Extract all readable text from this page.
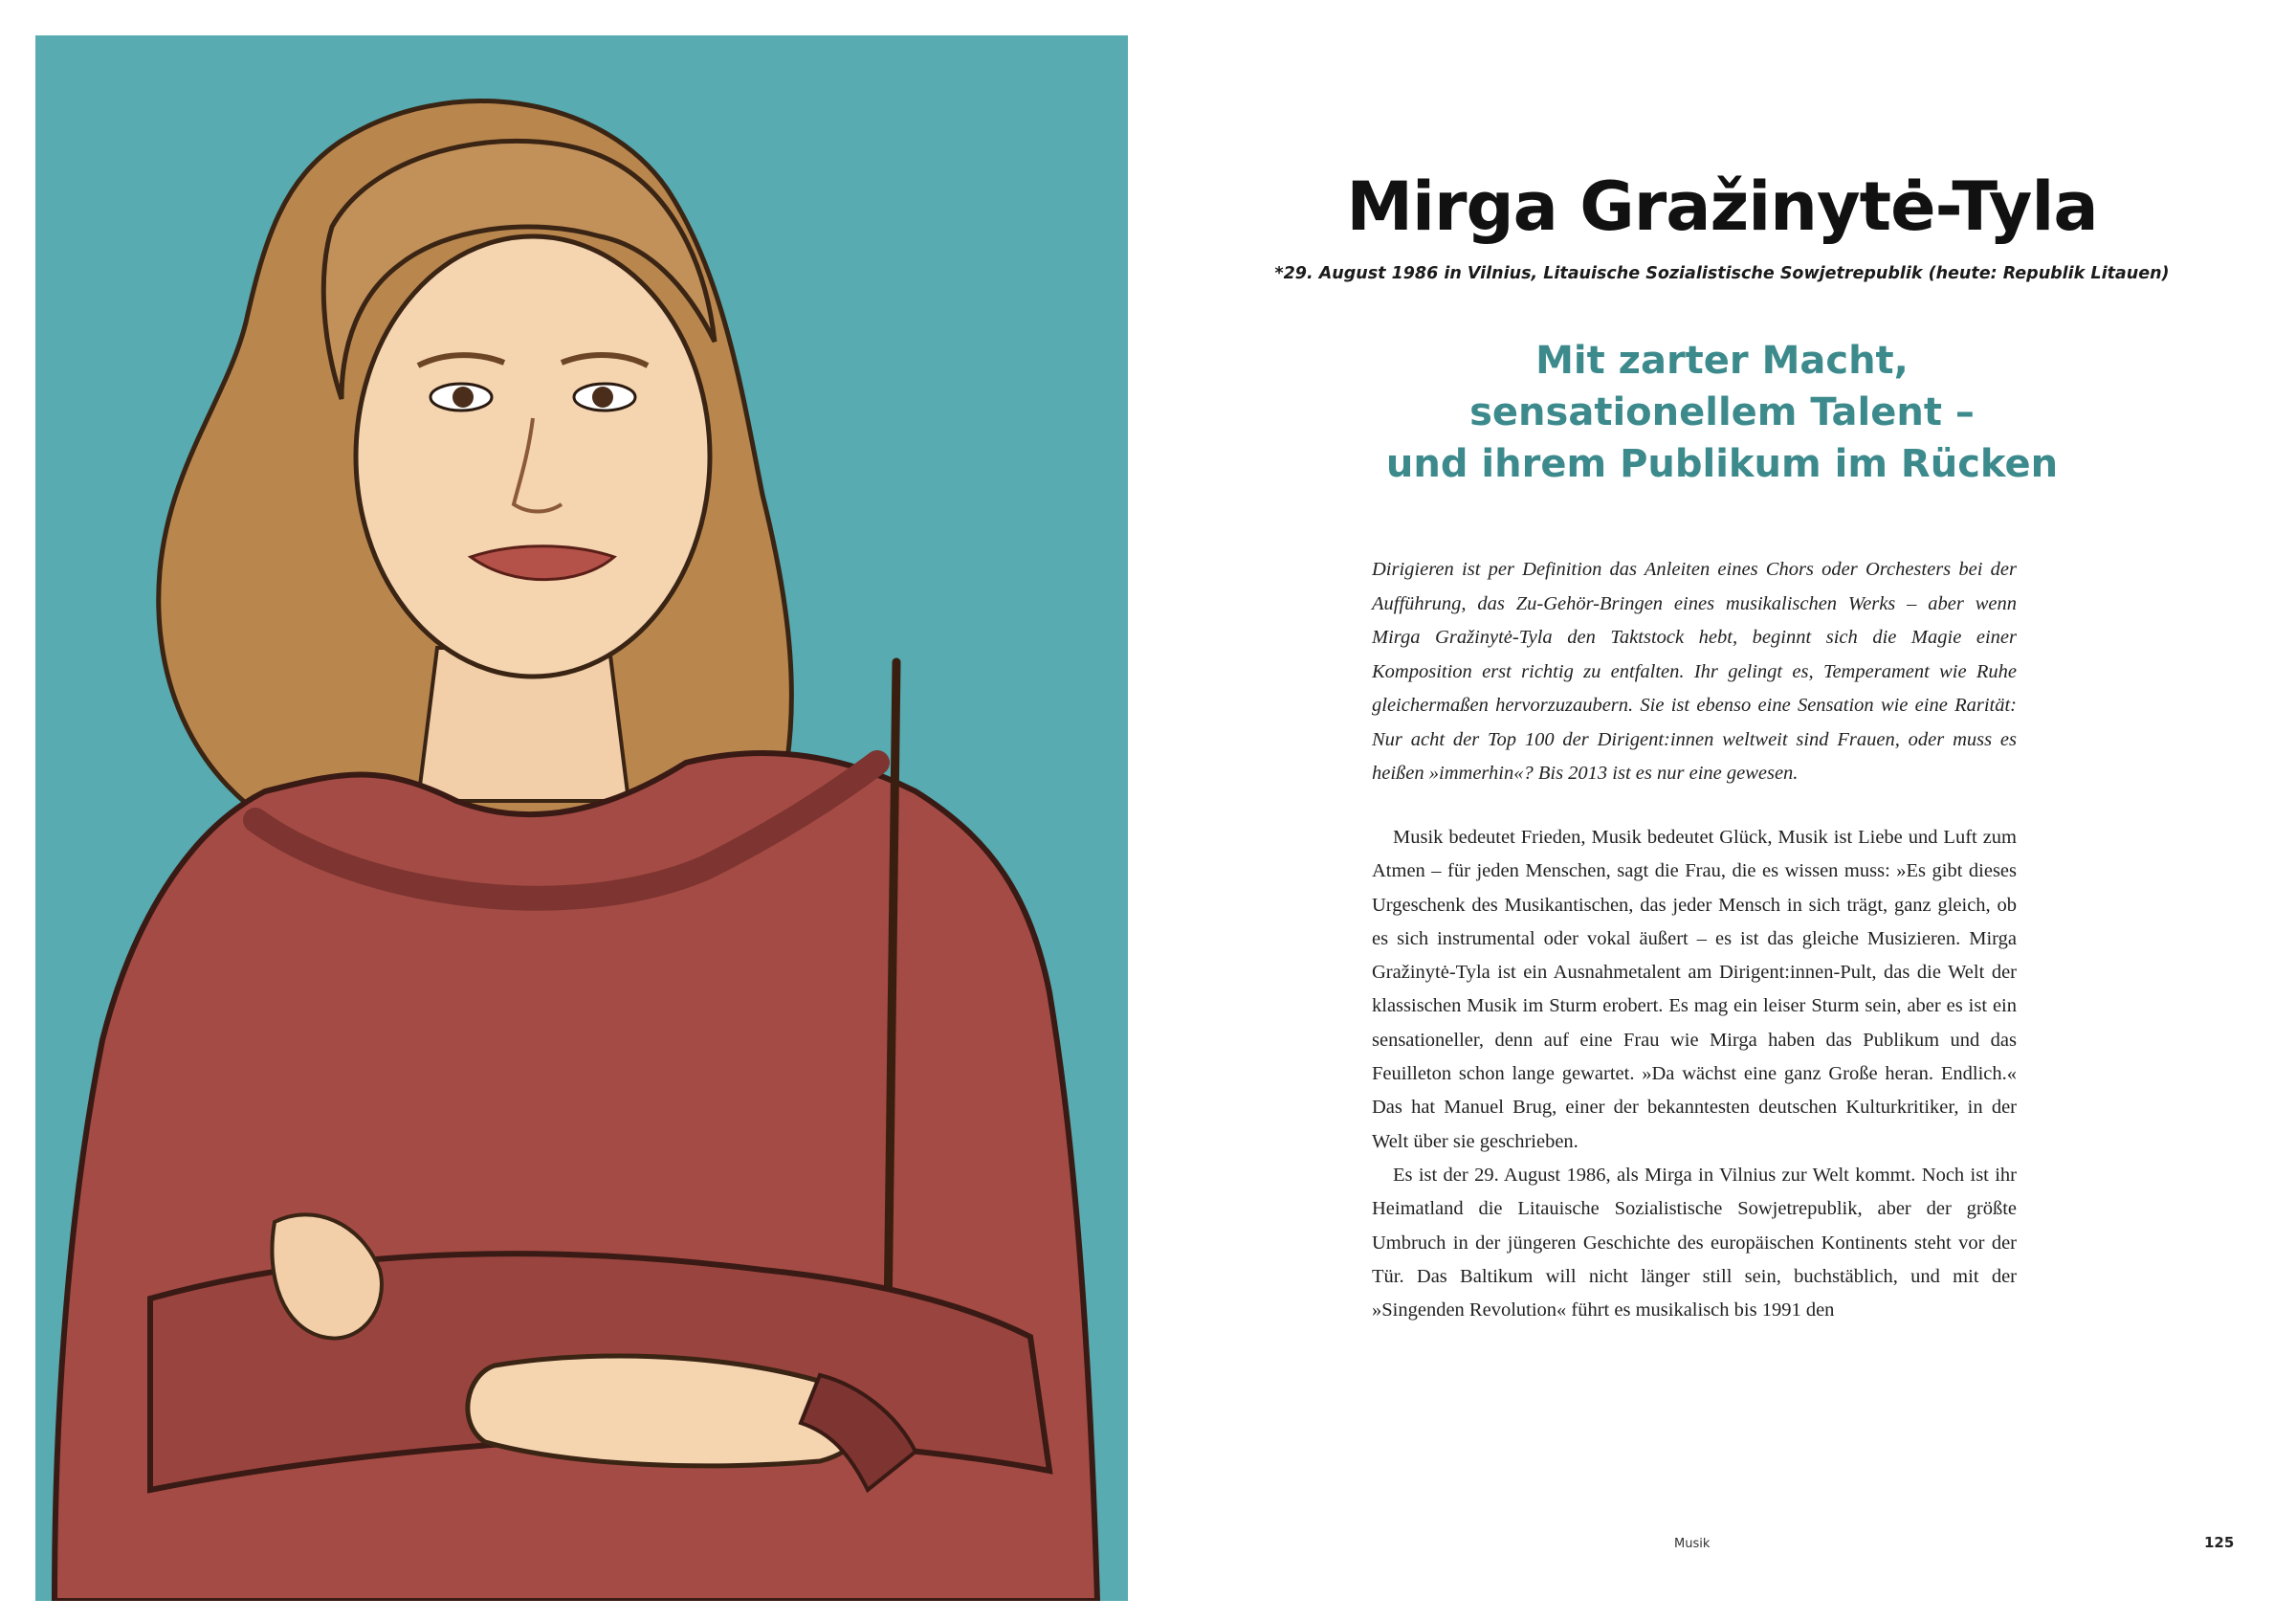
Mirga Gražinytė-Tyla

*29. August 1986 in Vilnius, Litauische Sozialistische Sowjetrepublik (heute: Republik Litauen)

Mit zarter Macht,
sensationellem Talent –
und ihrem Publikum im Rücken

Dirigieren ist per Definition das Anleiten eines Chors oder Orchesters bei der Aufführung, das Zu-Gehör-Bringen eines musikalischen Werks – aber wenn Mirga Gražinytė-Tyla den Taktstock hebt, beginnt sich die Magie einer Komposition erst richtig zu entfalten. Ihr gelingt es, Temperament wie Ruhe gleichermaßen hervorzuzaubern. Sie ist ebenso eine Sensation wie eine Rarität: Nur acht der Top 100 der Dirigent:innen weltweit sind Frauen, oder muss es heißen »immerhin«? Bis 2013 ist es nur eine gewesen.

Musik bedeutet Frieden, Musik bedeutet Glück, Musik ist Liebe und Luft zum Atmen – für jeden Menschen, sagt die Frau, die es wissen muss: »Es gibt dieses Urgeschenk des Musikantischen, das jeder Mensch in sich trägt, ganz gleich, ob es sich instrumental oder vokal äußert – es ist das gleiche Musizieren. Mirga Gražinytė-Tyla ist ein Ausnahmetalent am Dirigent:innen-Pult, das die Welt der klassischen Musik im Sturm erobert. Es mag ein leiser Sturm sein, aber es ist ein sensationeller, denn auf eine Frau wie Mirga haben das Publikum und das Feuilleton schon lange gewartet. »Da wächst eine ganz Große heran. Endlich.« Das hat Manuel Brug, einer der bekanntesten deutschen Kulturkritiker, in der Welt über sie geschrieben.

Es ist der 29. August 1986, als Mirga in Vilnius zur Welt kommt. Noch ist ihr Heimatland die Litauische Sozialistische Sowjetrepublik, aber der größte Umbruch in der jüngeren Geschichte des europäischen Kontinents steht vor der Tür. Das Baltikum will nicht länger still sein, buchstäblich, und mit der »Singenden Revolution« führt es musikalisch bis 1991 den

Musik	125
